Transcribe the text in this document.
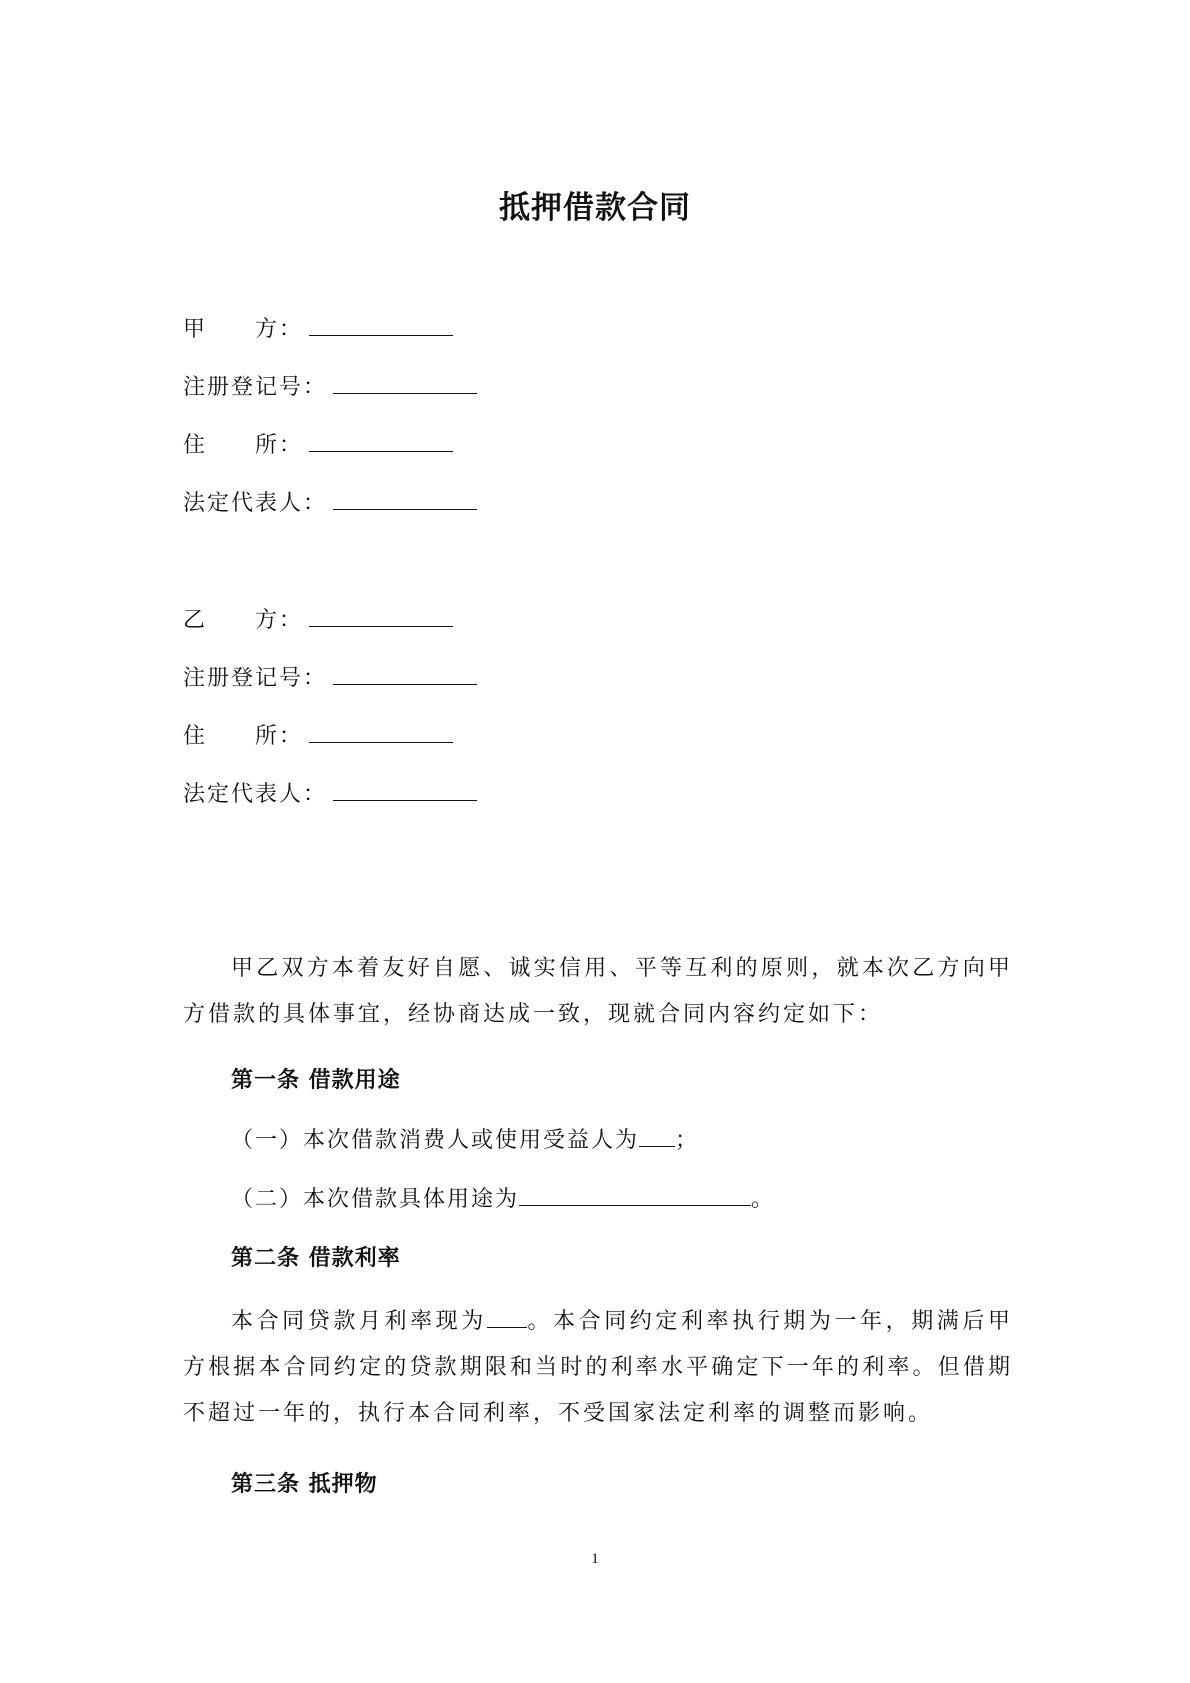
抵押借款合同
甲　　方：
注册登记号：
住　　所：
法定代表人：
乙　　方：
注册登记号：
住　　所：
法定代表人：
甲乙双方本着友好自愿、诚实信用、平等互利的原则，就本次乙方向甲方借款的具体事宜，经协商达成一致，现就合同内容约定如下：
第一条 借款用途
（一）本次借款消费人或使用受益人为 ；
（二）本次借款具体用途为	。
第二条 借款利率
本合同贷款月利率现为 。本合同约定利率执行期为一年，期满后甲方根据本合同约定的贷款期限和当时的利率水平确定下一年的利率。但借期不超过一年的，执行本合同利率，不受国家法定利率的调整而影响。
第三条 抵押物
1
